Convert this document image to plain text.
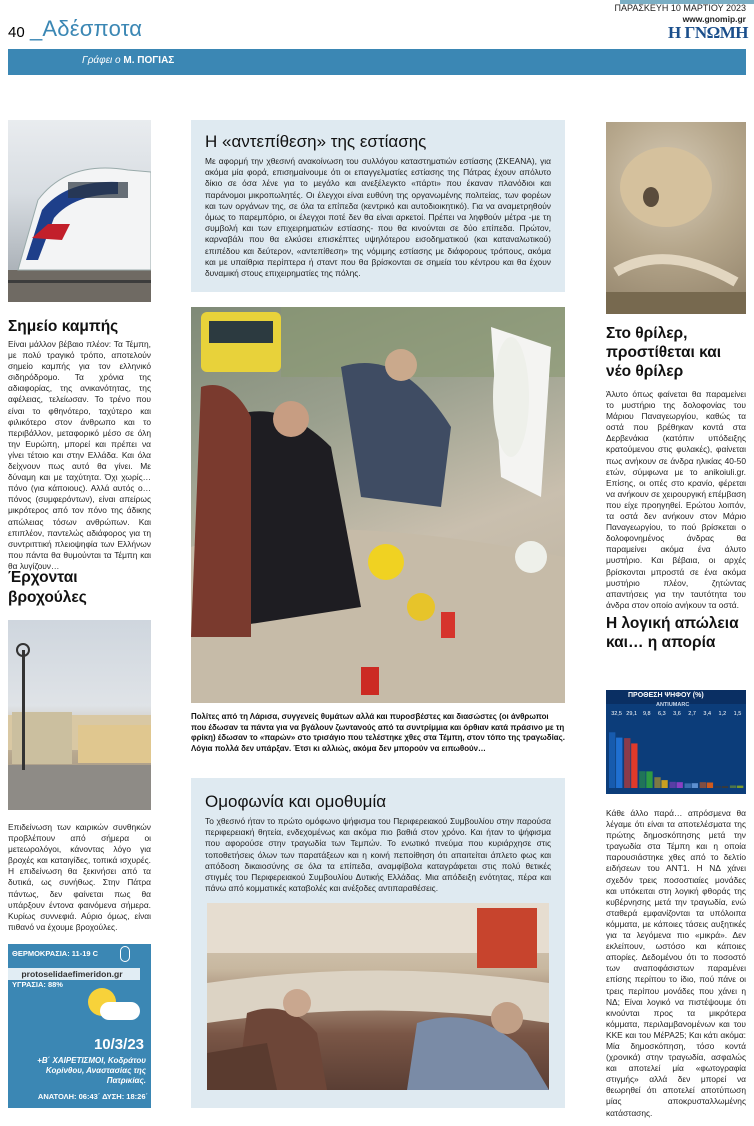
40 _Αδέσποτα
ΠΑΡΑΣΚΕΥΗ 10 ΜΑΡΤΙΟΥ 2023
www.gnomip.gr
Η ΓΝΩΜΗ
Γράφει ο Μ. ΠΟΓΙΑΣ
Σημείο καμπής
Είναι μάλλον βέβαιο πλέον: Τα Τέμπη, με πολύ τραγικό τρόπο, αποτελούν σημείο καμπής για τον ελληνικό σιδηρόδρομο. Τα χρόνια της αδιαφορίας, της ανικανότητας, της αφέλειας, τελείωσαν. Το τρένο που είναι το φθηνότερο, ταχύτερο και φιλικότερο στον άνθρωπο και το περιβάλλον, μεταφορικό μέσο σε όλη την Ευρώπη, μπορεί και πρέπει να γίνει τέτοιο και στην Ελλάδα. Και όλα δείχνουν πως αυτό θα γίνει. Με δύναμη και με ταχύτητα. Όχι χωρίς… πόνο (για κάποιους). Αλλά αυτός ο… πόνος (συμφερόντων), είναι απείρως μικρότερος από τον πόνο της άδικης απώλειας τόσων ανθρώπων. Και επιπλέον, παντελώς αδιάφορος για τη συντριπτική πλειοψηφία των Ελλήνων που πάντα θα θυμούνται τα Τέμπη και θα λυγίζουν…
Έρχονται βροχούλες
Επιδείνωση των καιρικών συνθηκών προβλέπουν από σήμερα οι μετεωρολόγοι, κάνοντας λόγο για βροχές και καταιγίδες, τοπικά ισχυρές. Η επιδείνωση θα ξεκινήσει από τα δυτικά, ως συνήθως. Στην Πάτρα πάντως, δεν φαίνεται πως θα υπάρξουν έντονα φαινόμενα σήμερα. Κυρίως συννεφιά. Αύριο όμως, είναι πιθανό να έχουμε βροχούλες.
ΘΕΡΜΟΚΡΑΣΙΑ: 11-19 C
ΥΓΡΑΣΙΑ: 88%
10/3/23
+Β΄ ΧΑΙΡΕΤΙΣΜΟΙ, Κοδράτου Κορίνθου, Αναστασίας της Πατρικίας.
ΑΝΑΤΟΛΗ: 06:43΄ ΔΥΣΗ: 18:26΄
protoselidaefimeridon.gr
Η «αντεπίθεση» της εστίασης
Με αφορμή την χθεσινή ανακοίνωση του συλλόγου καταστηματιών εστίασης (ΣΚΕΑΝΑ), για ακόμα μία φορά, επισημαίνουμε ότι οι επαγγελματίες εστίασης της Πάτρας έχουν απόλυτο δίκιο σε όσα λένε για το μεγάλο και ανεξέλεγκτο «πάρτι» που έκαναν πλανόδιοι και παράνομοι μικροπωλητές. Οι έλεγχοι είναι ευθύνη της οργανωμένης πολιτείας, των φορέων και των οργάνων της, σε όλα τα επίπεδα (κεντρικό και αυτοδιοικητικό). Για να αναμετρηθούν όμως το παρεμπόριο, οι έλεγχοι ποτέ δεν θα είναι αρκετοί. Πρέπει να ληφθούν μέτρα -με τη συμβολή και των επιχειρηματιών εστίασης- που θα κινούνται σε δύο επίπεδα. Πρώτον, καρναβάλι που θα ελκύσει επισκέπτες υψηλότερου εισοδηματικού (και καταναλωτικού) επιπέδου και δεύτερον, «αντεπίθεση» της νόμιμης εστίασης με διάφορους τρόπους, ακόμα και με υπαίθρια περίπτερα ή σταντ που θα βρίσκονται σε σημεία του κέντρου και θα έχουν δυναμική στους επιχειρηματίες της πόλης.
Πολίτες από τη Λάρισα, συγγενείς θυμάτων αλλά και πυροσβέστες και διασώστες (οι άνθρωποι που έδωσαν τα πάντα για να βγάλουν ζωντανούς από τα συντρίμμια και όρθιαν κατά πράσινο με τη φρίκη) έδωσαν το «παρών» στο τρισάγιο που τελέστηκε χθες στα Τέμπη, στον τόπο της τραγωδίας. Λόγια πολλά δεν υπάρξαν. Έτσι κι αλλιώς, ακόμα δεν μπορούν να ειπωθούν…
Ομοφωνία και ομοθυμία
Το χθεσινό ήταν το πρώτο ομόφωνο ψήφισμα του Περιφερειακού Συμβουλίου στην παρούσα περιφερειακή θητεία, ενδεχομένως και ακόμα πιο βαθιά στον χρόνο. Και ήταν το ψήφισμα που αφορούσε στην τραγωδία των Τεμπών. Το ενωτικό πνεύμα που κυριάρχησε στις τοποθετήσεις όλων των παρατάξεων και η κοινή πεποίθηση ότι απαιτείται άπλετο φως και απόδοση δικαιοσύνης σε όλα τα επίπεδα, αναμφίβολα καταγράφεται στις πολύ θετικές στιγμές του Περιφερειακού Συμβουλίου Δυτικής Ελλάδας. Μια απόδειξη ενότητας, πέρα και πάνω από κομματικές καταβολές και ανέξοδες αντιπαραθέσεις.
Στο θρίλερ, προστίθεται και νέο θρίλερ
Άλυτο όπως φαίνεται θα παραμείνει το μυστήριο της δολοφονίας του Μάριου Παναγεωργίου, καθώς τα οστά που βρέθηκαν κοντά στα Δερβενάκια (κατόπιν υπόδειξης κρατούμενου στις φυλακές), φαίνεται πως ανήκουν σε άνδρα ηλικίας 40-50 ετών, σύμφωνα με το anikoiuli.gr. Επίσης, οι οπές στο κρανίο, φέρεται να ανήκουν σε χειρουργική επέμβαση που είχε προηγηθεί. Ερώτου λοιπόν, τα οστά δεν ανήκουν στον Μάριο Παναγεωργίου, το πού βρίσκεται ο δολοφονημένος άνδρας θα παραμείνει ακόμα ένα άλυτο μυστήριο. Και βέβαια, οι αρχές βρίσκονται μπροστά σε ένα ακόμα μυστήριο πλέον, ζητώντας απαντήσεις για την ταυτότητα του άνδρα στον οποίο ανήκουν τα οστά.
Η λογική απώλεια και… η απορία
ΠΡΟΘΕΣΗ ΨΗΦΟΥ (%)
ANTIUMARC
32,5 29,1 9,8 6,3 3,6 2,7 3,4 1,2 1,5
Κάθε άλλο παρά… απρόσμενα θα λέγαμε ότι είναι τα αποτελέσματα της πρώτης δημοσκόπησης μετά την τραγωδία στα Τέμπη και η οποία παρουσιάστηκε χθες από το δελτίο ειδήσεων του ΑΝΤ1. Η ΝΔ χάνει σχεδόν τρεις ποσοστιαίες μονάδες και υπόκειται στη λογική φθοράς της κυβέρνησης μετά την τραγωδία, ενώ σταθερά εμφανίζονται τα υπόλοιπα κόμματα, με κάποιες τάσεις αυξητικές για τα λεγόμενα πιο «μικρά». Δεν εκλείπουν, ωστόσο και κάποιες απορίες. Δεδομένου ότι το ποσοστό των αναποφάσιστων παραμένει επίσης περίπου το ίδιο, πού πάνε οι τρεις περίπου μονάδες που χάνει η ΝΔ; Είναι λογικό να πιστέψουμε ότι κινούνται προς τα μικρότερα κόμματα, περιλαμβανομένων και του ΚΚΕ και του ΜέΡΑ25; Και κάτι ακόμα: Μία δημοσκόπηση, τόσο κοντά (χρονικά) στην τραγωδία, ασφαλώς και αποτελεί μία «φωτογραφία στιγμής» αλλά δεν μπορεί να θεωρηθεί ότι αποτελεί αποτύπωση μίας αποκρυσταλλωμένης κατάστασης.
